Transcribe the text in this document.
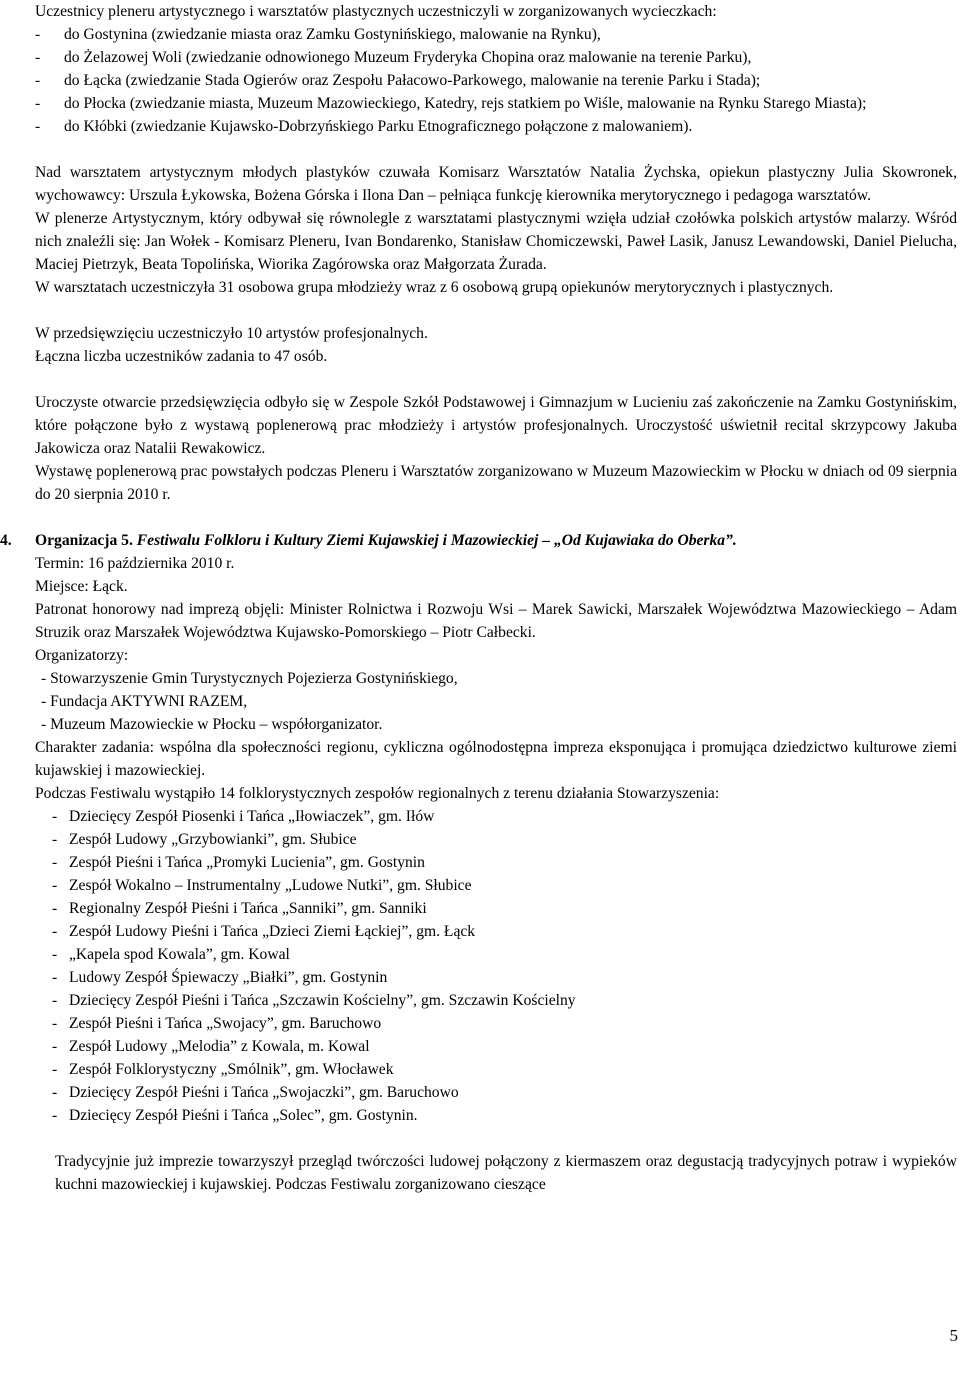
Uczestnicy pleneru artystycznego i warsztatów plastycznych uczestniczyli w zorganizowanych wycieczkach:

-	do Gostynina (zwiedzanie miasta oraz Zamku Gostynińskiego, malowanie na Rynku),
-	do Żelazowej Woli (zwiedzanie odnowionego Muzeum Fryderyka Chopina oraz malowanie na terenie Parku),
-	do Łącka (zwiedzanie Stada Ogierów oraz Zespołu Pałacowo-Parkowego, malowanie na terenie Parku i Stada);
-	do Płocka (zwiedzanie miasta, Muzeum Mazowieckiego, Katedry, rejs statkiem po Wiśle, malowanie na Rynku Starego Miasta);
-	do Kłóbki (zwiedzanie Kujawsko-Dobrzyńskiego Parku Etnograficznego połączone z malowaniem).

Nad warsztatem artystycznym młodych plastyków czuwała Komisarz Warsztatów Natalia Żychska, opiekun plastyczny Julia Skowronek, wychowawcy: Urszula Łykowska, Bożena Górska i Ilona Dan – pełniąca funkcję kierownika merytorycznego i pedagoga warsztatów.

W plenerze Artystycznym, który odbywał się równolegle z warsztatami plastycznymi wzięła udział czołówka polskich artystów malarzy. Wśród nich znaleźli się: Jan Wołek - Komisarz Pleneru, Ivan Bondarenko, Stanisław Chomiczewski, Paweł Lasik, Janusz Lewandowski, Daniel Pielucha, Maciej Pietrzyk, Beata Topolińska, Wiorika Zagórowska oraz Małgorzata Żurada.

W warsztatach uczestniczyła 31 osobowa grupa młodzieży wraz z 6 osobową grupą opiekunów merytorycznych i plastycznych.

W przedsięwzięciu uczestniczyło 10 artystów profesjonalnych.

Łączna liczba uczestników zadania to 47 osób.

Uroczyste otwarcie przedsięwzięcia odbyło się w Zespole Szkół Podstawowej i Gimnazjum w Lucieniu zaś zakończenie na Zamku Gostynińskim, które połączone było z wystawą poplenerową prac młodzieży i artystów profesjonalnych. Uroczystość uświetnił recital skrzypcowy Jakuba Jakowicza oraz Natalii Rewakowicz.

Wystawę poplenerową prac powstałych podczas Pleneru i Warsztatów zorganizowano w Muzeum Mazowieckim w Płocku w dniach od 09 sierpnia do 20 sierpnia 2010 r.

4. Organizacja 5. Festiwalu Folkloru i Kultury Ziemi Kujawskiej i Mazowieckiej – „Od Kujawiaka do Oberka”.

Termin: 16 października 2010 r.

Miejsce: Łąck.

Patronat honorowy nad imprezą objęli: Minister Rolnictwa i Rozwoju Wsi – Marek Sawicki, Marszałek Województwa Mazowieckiego – Adam Struzik oraz Marszałek Województwa Kujawsko-Pomorskiego – Piotr Całbecki.

Organizatorzy:

- Stowarzyszenie Gmin Turystycznych Pojezierza Gostynińskiego,
- Fundacja AKTYWNI RAZEM,
- Muzeum Mazowieckie w Płocku – współorganizator.

Charakter zadania: wspólna dla społeczności regionu, cykliczna ogólnodostępna impreza eksponująca i promująca dziedzictwo kulturowe ziemi kujawskiej i mazowieckiej.

Podczas Festiwalu wystąpiło 14 folklorystycznych zespołów regionalnych z terenu działania Stowarzyszenia:

- Dziecięcy Zespół Piosenki i Tańca „Iłowiaczek”, gm. Iłów
- Zespół Ludowy „Grzybowianki”, gm. Słubice
- Zespół Pieśni i Tańca „Promyki Lucienia”, gm. Gostynin
- Zespół Wokalno – Instrumentalny „Ludowe Nutki”, gm. Słubice
- Regionalny Zespół Pieśni i Tańca „Sanniki”, gm. Sanniki
- Zespół Ludowy Pieśni i Tańca „Dzieci Ziemi Łąckiej”, gm. Łąck
- „Kapela spod Kowala”, gm. Kowal
- Ludowy Zespół Śpiewaczy „Białki”, gm. Gostynin
- Dziecięcy Zespół Pieśni i Tańca „Szczawin Kościelny”, gm. Szczawin Kościelny
- Zespół Pieśni i Tańca „Swojacy”, gm. Baruchowo
- Zespół Ludowy „Melodia” z Kowala, m. Kowal
- Zespół Folklorystyczny „Smólnik”, gm. Włocławek
- Dziecięcy Zespół Pieśni i Tańca „Swojaczki”, gm. Baruchowo
- Dziecięcy Zespół Pieśni i Tańca „Solec”, gm. Gostynin.

Tradycyjnie już imprezie towarzyszył przegląd twórczości ludowej połączony z kiermaszem oraz degustacją tradycyjnych potraw i wypieków kuchni mazowieckiej i kujawskiej. Podczas Festiwalu zorganizowano cieszące

5
